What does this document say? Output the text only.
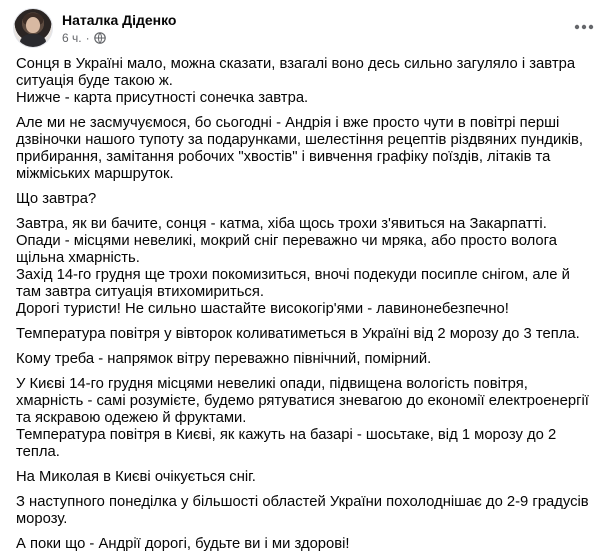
Наталка Діденко
6 ч. ·

Сонця в Україні мало, можна сказати, взагалі воно десь сильно загуляло і завтра ситуація буде такою ж.
Нижче - карта присутності сонечка завтра.

Але ми не засмучуємося, бо сьогодні - Андрія і вже просто чути в повітрі перші дзвіночки нашого тупоту за подарунками, шелестіння рецептів різдвяних пундиків, прибирання, замітання робочих "хвостів" і вивчення графіку поїздів, літаків та міжміських маршруток.

Що завтра?

Завтра, як ви бачите, сонця - катма, хіба щось трохи з'явиться на Закарпатті.
Опади - місцями невеликі, мокрий сніг переважно чи мряка, або просто волога щільна хмарність.
Захід 14-го грудня ще трохи покомизиться, вночі подекуди посипле снігом, але й там завтра ситуація втихомириться.
Дорогі туристи! Не сильно шастайте високогір'ями - лавинонебезпечно!

Температура повітря у вівторок коливатиметься в Україні від 2 морозу до 3 тепла.

Кому треба - напрямок вітру переважно північний, помірний.

У Києві 14-го грудня місцями невеликі опади, підвищена вологість повітря, хмарність - самі розумієте, будемо рятуватися зневагою до економії електроенергії та яскравою одежею й фруктами.
Температура повітря в Києві, як кажуть на базарі - шосьтаке, від 1 морозу до 2 тепла.

На Миколая в Києві очікується сніг.

З наступного понеділка у більшості областей України похолоднішає до 2-9 градусів морозу.

А поки що - Андрії дорогі, будьте ви і ми здорові!
